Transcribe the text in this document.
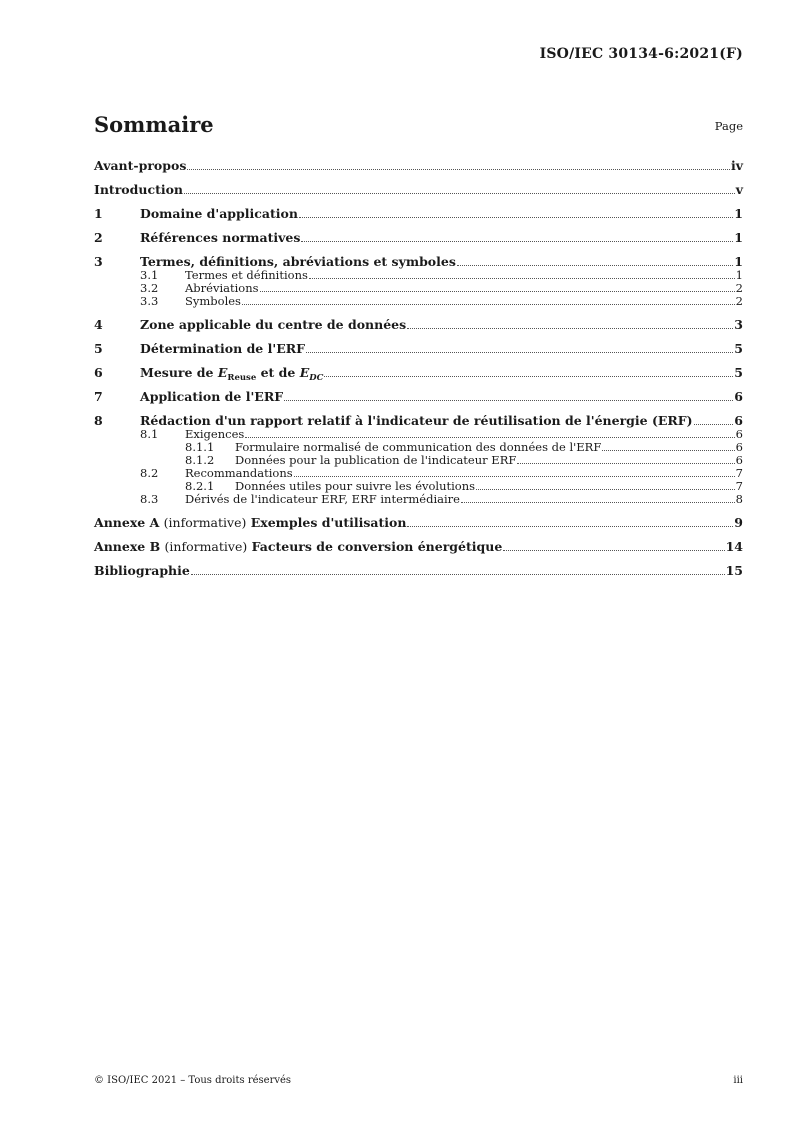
ISO/IEC 30134-6:2021(F)
Sommaire	Page
Avant-propos	iv
Introduction	v
1	Domaine d'application	1
2	Références normatives	1
3	Termes, définitions, abréviations et symboles	1
3.1	Termes et définitions	1
3.2	Abréviations	2
3.3	Symboles	2
4	Zone applicable du centre de données	3
5	Détermination de l'ERF	5
6	Mesure de $E_{Reuse}$ et de $E_{DC}$	5
7	Application de l'ERF	6
8	Rédaction d'un rapport relatif à l'indicateur de réutilisation de l'énergie (ERF)	6
8.1	Exigences	6
8.1.1	Formulaire normalisé de communication des données de l'ERF	6
8.1.2	Données pour la publication de l'indicateur ERF	6
8.2	Recommandations	7
8.2.1	Données utiles pour suivre les évolutions	7
8.3	Dérivés de l'indicateur ERF, ERF intermédiaire	8
Annexe A (informative) Exemples d'utilisation	9
Annexe B (informative) Facteurs de conversion énergétique	14
Bibliographie	15
© ISO/IEC 2021 – Tous droits réservés	iii
